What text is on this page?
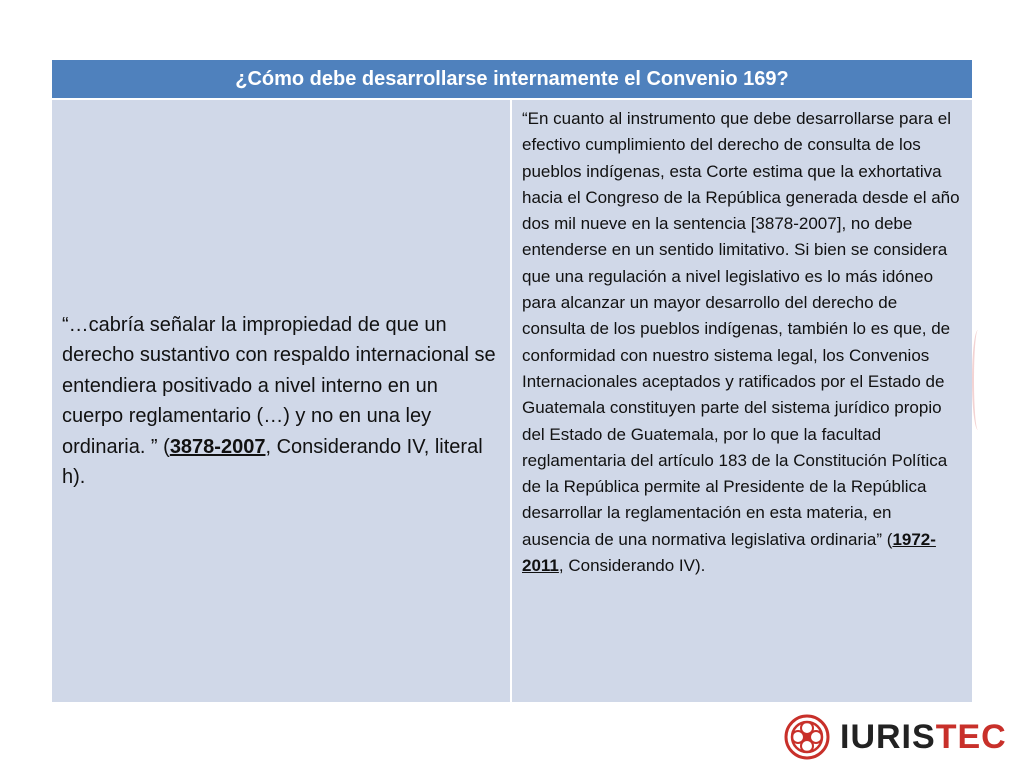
¿Cómo debe desarrollarse internamente el Convenio 169?

“…cabría señalar la impropiedad de que un derecho sustantivo con respaldo internacional se entendiera positivado a nivel interno en un cuerpo reglamentario (…) y no en una ley ordinaria. ” (3878-2007, Considerando IV, literal h).

“En cuanto al instrumento que debe desarrollarse para el efectivo cumplimiento del derecho de consulta de los pueblos indígenas, esta Corte estima que la exhortativa hacia el Congreso de la República generada desde el año dos mil nueve en la sentencia [3878-2007], no debe entenderse en un sentido limitativo. Si bien se considera que una regulación a nivel legislativo es lo más idóneo para alcanzar un mayor desarrollo del derecho de consulta de los pueblos indígenas, también lo es que, de conformidad con nuestro sistema legal, los Convenios Internacionales aceptados y ratificados por el Estado de Guatemala constituyen parte del sistema jurídico propio del Estado de Guatemala, por lo que la facultad reglamentaria del artículo 183 de la Constitución Política de la República permite al Presidente de la República desarrollar la reglamentación en esta materia, en ausencia de una normativa legislativa ordinaria” (1972-2011, Considerando IV).

IURISTEC
